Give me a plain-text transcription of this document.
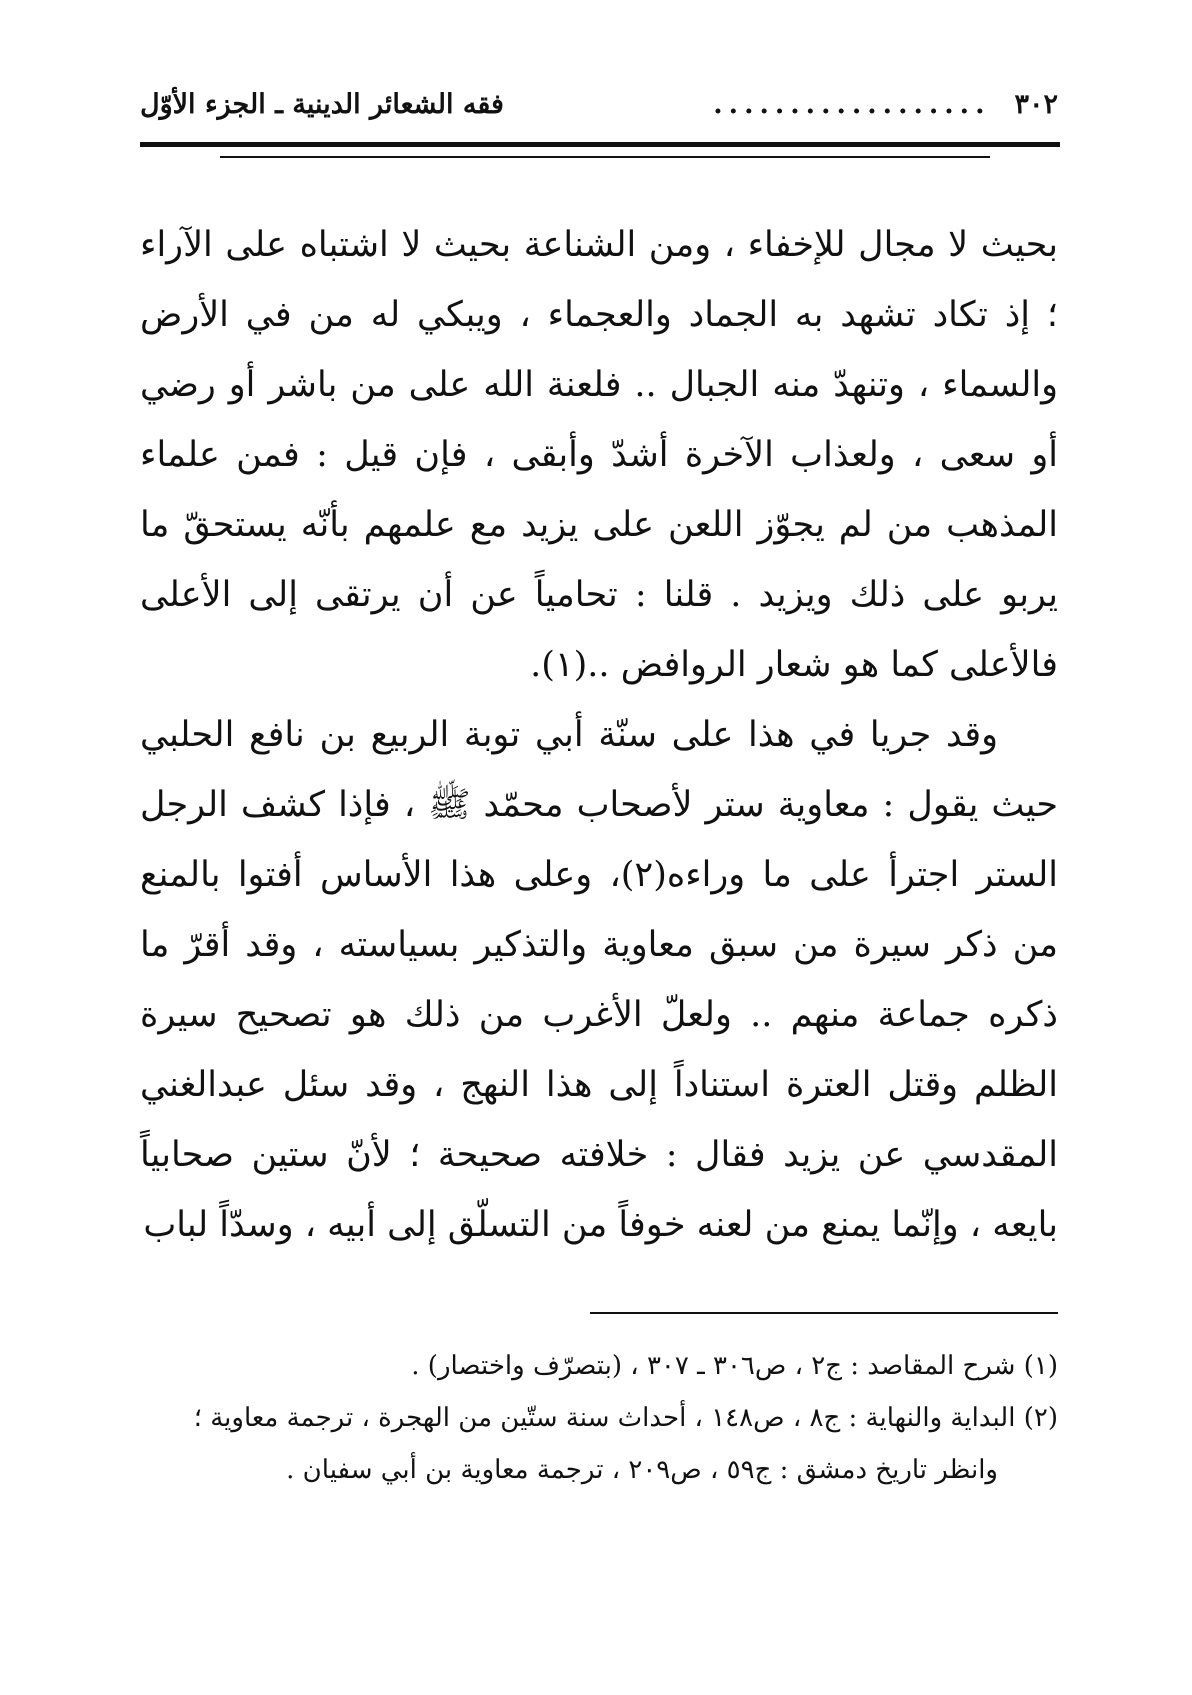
٣٠٢
..................
فقه الشعائر الدينية ـ الجزء الأوّل

بحيث لا مجال للإخفاء ، ومن الشناعة بحيث لا اشتباه على الآراء ؛ إذ تكاد تشهد به الجماد والعجماء ، ويبكي له من في الأرض والسماء ، وتنهدّ منه الجبال .. فلعنة الله على من باشر أو رضي أو سعى ، ولعذاب الآخرة أشدّ وأبقى ، فإن قيل : فمن علماء المذهب من لم يجوّز اللعن على يزيد مع علمهم بأنّه يستحقّ ما يربو على ذلك ويزيد . قلنا : تحامياً عن أن يرتقى إلى الأعلى فالأعلى كما هو شعار الروافض ..(١).

وقد جريا في هذا على سنّة أبي توبة الربيع بن نافع الحلبي حيث يقول : معاوية ستر لأصحاب محمّد ﷺ ، فإذا كشف الرجل الستر اجترأ على ما وراءه(٢)، وعلى هذا الأساس أفتوا بالمنع من ذكر سيرة من سبق معاوية والتذكير بسياسته ، وقد أقرّ ما ذكره جماعة منهم .. ولعلّ الأغرب من ذلك هو تصحيح سيرة الظلم وقتل العترة استناداً إلى هذا النهج ، وقد سئل عبدالغني المقدسي عن يزيد فقال : خلافته صحيحة ؛ لأنّ ستين صحابياً بايعه ، وإنّما يمنع من لعنه خوفاً من التسلّق إلى أبيه ، وسدّاً لباب

(١) شرح المقاصد : ج٢ ، ص٣٠٦ ـ ٣٠٧ ، (بتصرّف واختصار) .

(٢) البداية والنهاية : ج٨ ، ص١٤٨ ، أحداث سنة ستّين من الهجرة ، ترجمة معاوية ؛

وانظر تاريخ دمشق : ج٥٩ ، ص٢٠٩ ، ترجمة معاوية بن أبي سفيان .
